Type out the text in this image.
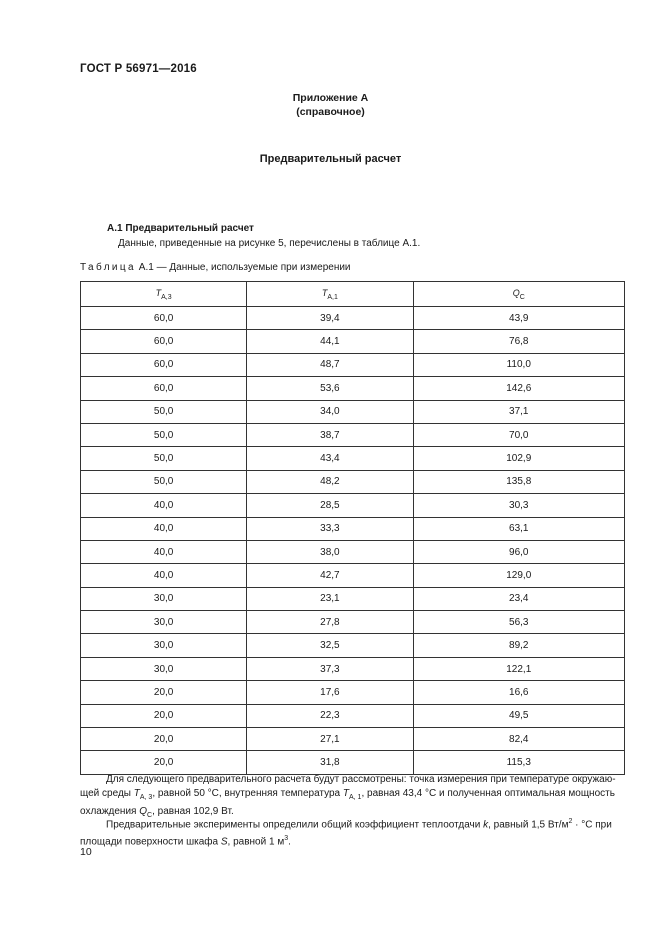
ГОСТ Р 56971—2016
Приложение А
(справочное)
Предварительный расчет
А.1 Предварительный расчет
Данные, приведенные на рисунке 5, перечислены в таблице А.1.
Таблица А.1 — Данные, используемые при измерении
$T_{A,3}$	$T_{A,1}$	$Q_C$
60,0	39,4	43,9
60,0	44,1	76,8
60,0	48,7	110,0
60,0	53,6	142,6
50,0	34,0	37,1
50,0	38,7	70,0
50,0	43,4	102,9
50,0	48,2	135,8
40,0	28,5	30,3
40,0	33,3	63,1
40,0	38,0	96,0
40,0	42,7	129,0
30,0	23,1	23,4
30,0	27,8	56,3
30,0	32,5	89,2
30,0	37,3	122,1
20,0	17,6	16,6
20,0	22,3	49,5
20,0	27,1	82,4
20,0	31,8	115,3
Для следующего предварительного расчета будут рассмотрены: точка измерения при температуре окружаю-
щей среды $T_{A, 3}$, равной 50 °C, внутренняя температура $T_{A, 1}$, равная 43,4 °C и полученная оптимальная мощность
охлаждения $Q_C$, равная 102,9 Вт.
Предварительные эксперименты определили общий коэффициент теплоотдачи k, равный 1,5 $Вт/м^2 \cdot ^\circ C$ при
площади поверхности шкафа S, равной 1 $м^3$.
10
